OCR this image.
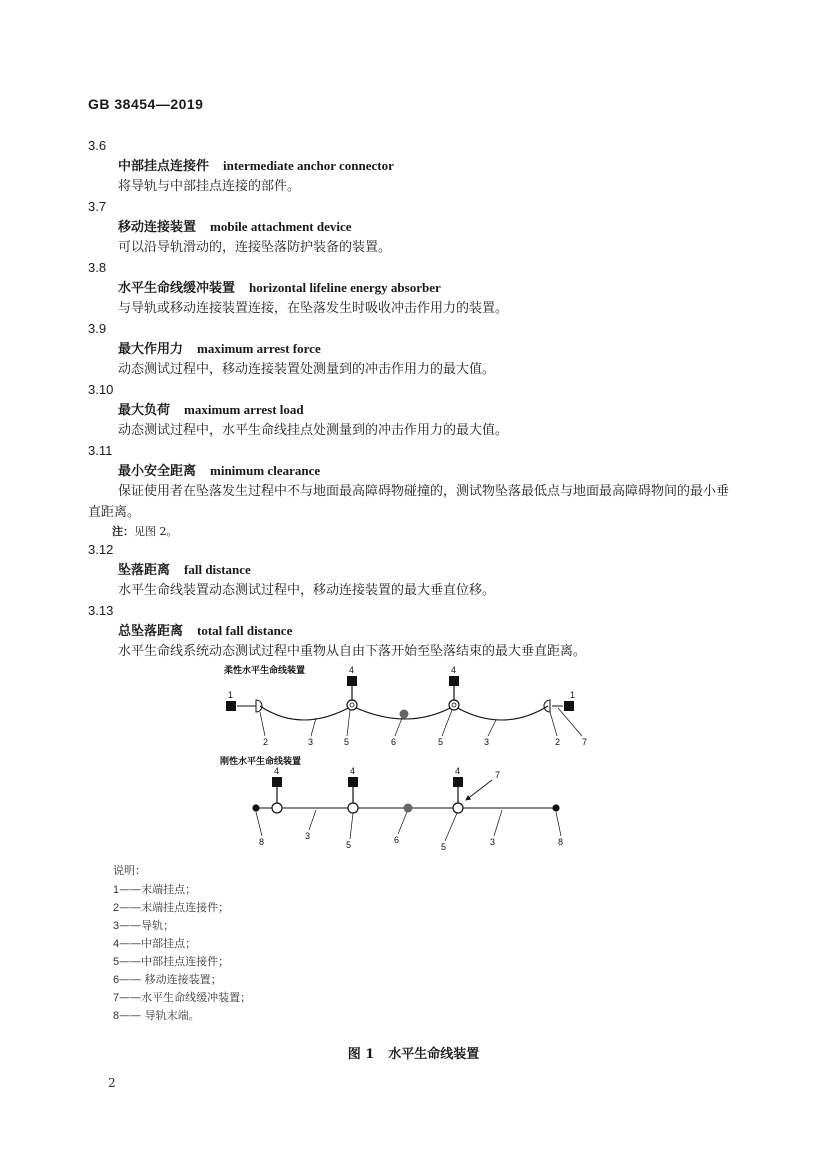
GB 38454—2019
3.6
中部挂点连接件 intermediate anchor connector
将导轨与中部挂点连接的部件。
3.7
移动连接装置 mobile attachment device
可以沿导轨滑动的，连接坠落防护装备的装置。
3.8
水平生命线缓冲装置 horizontal lifeline energy absorber
与导轨或移动连接装置连接，在坠落发生时吸收冲击作用力的装置。
3.9
最大作用力 maximum arrest force
动态测试过程中，移动连接装置处测量到的冲击作用力的最大值。
3.10
最大负荷 maximum arrest load
动态测试过程中，水平生命线挂点处测量到的冲击作用力的最大值。
3.11
最小安全距离 minimum clearance
保证使用者在坠落发生过程中不与地面最高障碍物碰撞的，测试物坠落最低点与地面最高障碍物间的最小垂直距离。
注：见图 2。
3.12
坠落距离 fall distance
水平生命线装置动态测试过程中，移动连接装置的最大垂直位移。
3.13
总坠落距离 total fall distance
水平生命线系统动态测试过程中重物从自由下落开始至坠落结束的最大垂直距离。
柔性水平生命线装置
1	1
4	4
2	3	5	6	5	3	2 7
刚性水平生命线装置
4	4	4	7
8
3
5	6
5	3	8
说明：
1——末端挂点；
2——末端挂点连接件；
3——导轨；
4——中部挂点；
5——中部挂点连接件；
6—— 移动连接装置；
7——水平生命线缓冲装置；
8—— 导轨末端。
图 1 水平生命线装置
2
